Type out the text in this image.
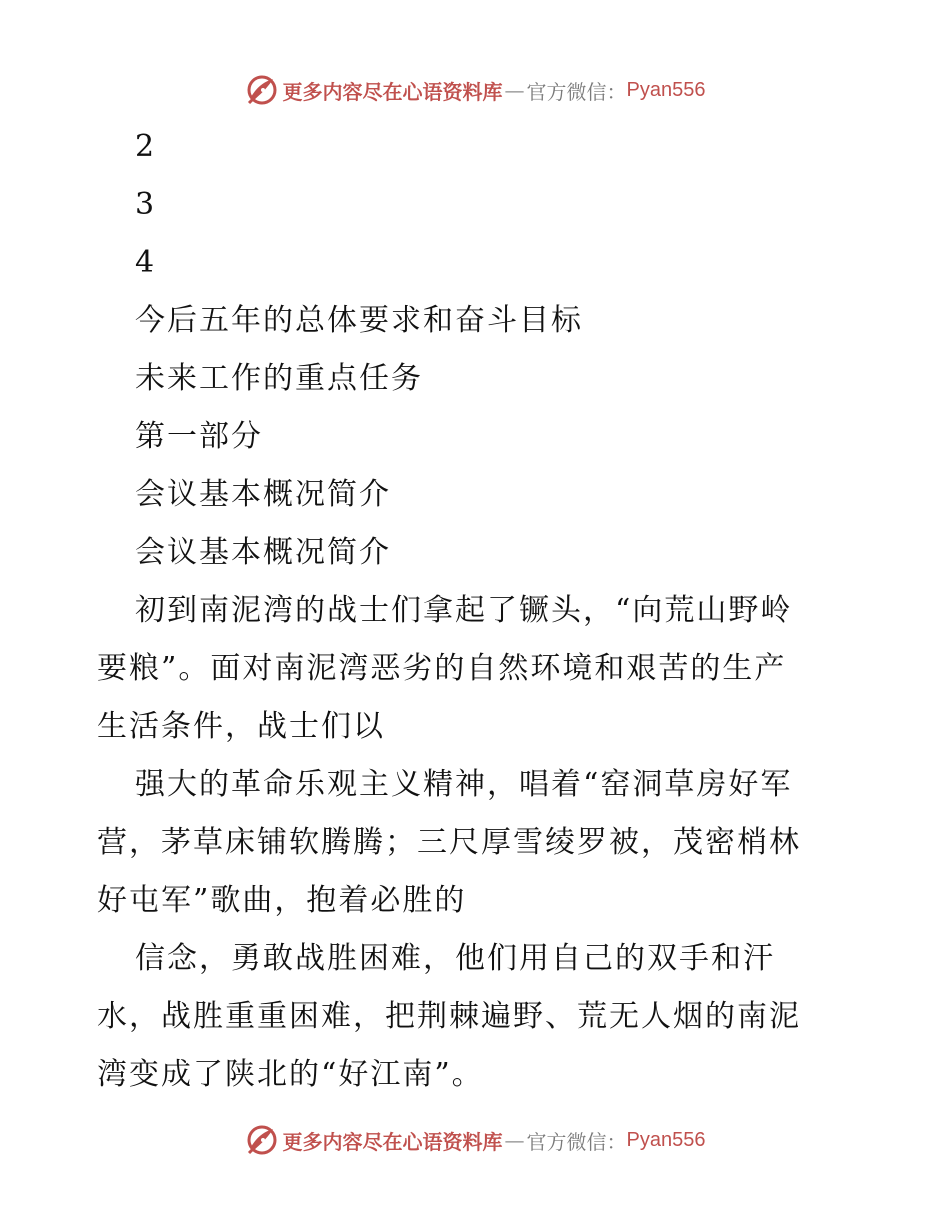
更多内容尽在心语资料库 — 官方微信： Pyan556
2
3
4
今后五年的总体要求和奋斗目标
未来工作的重点任务
第一部分
会议基本概况简介
会议基本概况简介
初到南泥湾的战士们拿起了镢头，“向荒山野岭
要粮”。面对南泥湾恶劣的自然环境和艰苦的生产
生活条件，战士们以
强大的革命乐观主义精神，唱着“窑洞草房好军
营，茅草床铺软腾腾；三尺厚雪绫罗被，茂密梢林
好屯军”歌曲，抱着必胜的
信念，勇敢战胜困难，他们用自己的双手和汗
水，战胜重重困难，把荆棘遍野、荒无人烟的南泥
湾变成了陕北的“好江南”。
更多内容尽在心语资料库 — 官方微信： Pyan556
